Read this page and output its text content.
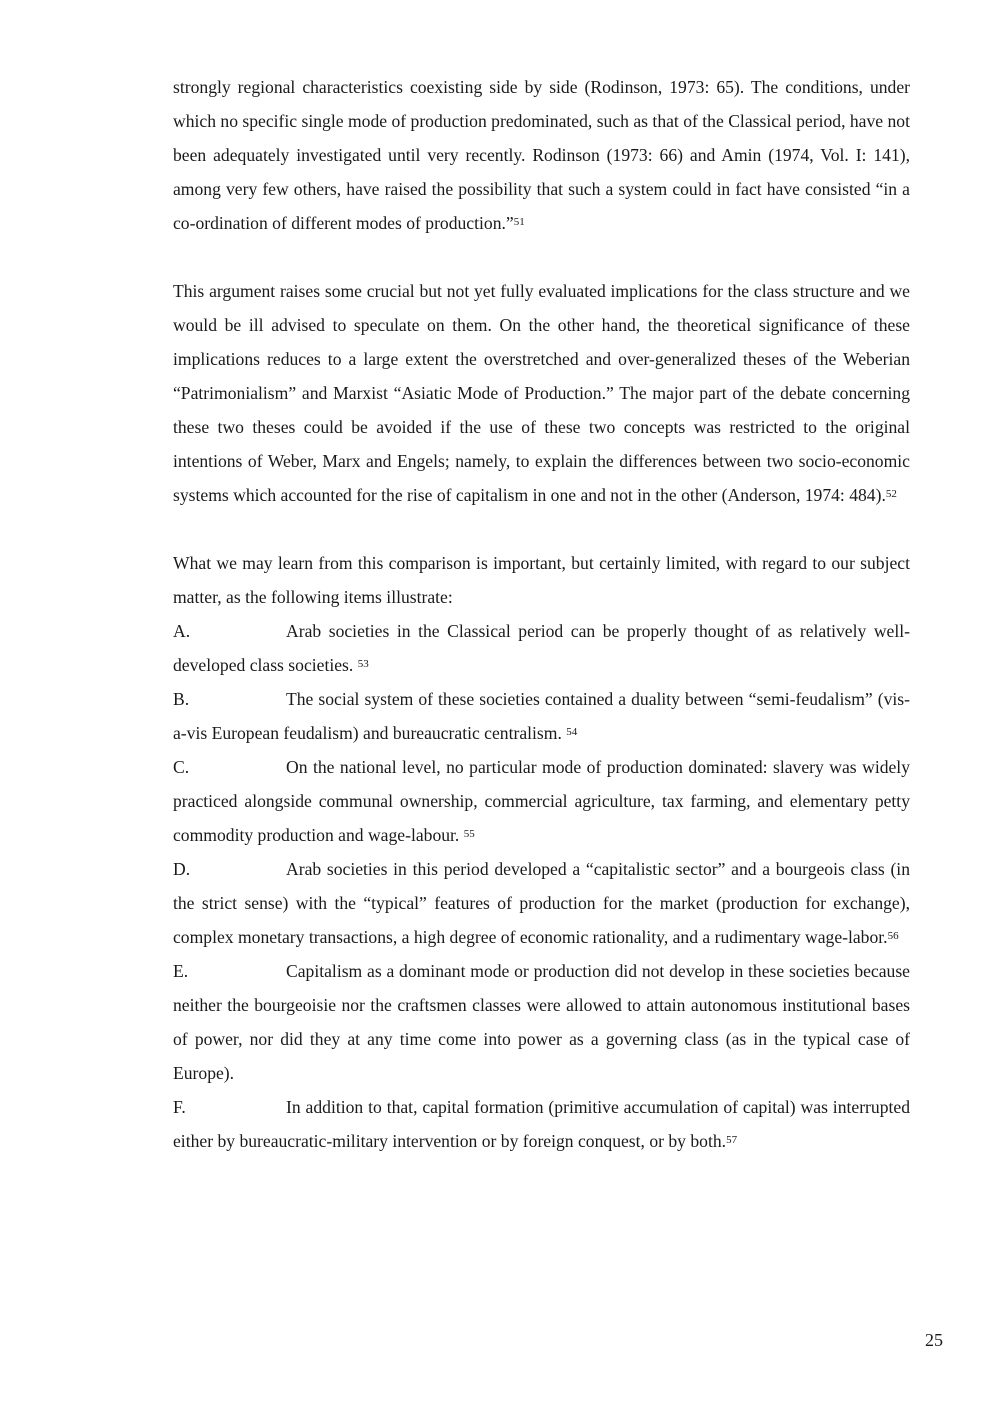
strongly regional characteristics coexisting side by side (Rodinson, 1973: 65). The conditions, under which no specific single mode of production predominated, such as that of the Classical period, have not been adequately investigated until very recently. Rodinson (1973: 66) and Amin (1974, Vol. I: 141), among very few others, have raised the possibility that such a system could in fact have consisted “in a co-ordination of different modes of production.”$^{51}$

This argument raises some crucial but not yet fully evaluated implications for the class structure and we would be ill advised to speculate on them. On the other hand, the theoretical significance of these implications reduces to a large extent the overstretched and over-generalized theses of the Weberian “Patrimonialism” and Marxist “Asiatic Mode of Production.” The major part of the debate concerning these two theses could be avoided if the use of these two concepts was restricted to the original intentions of Weber, Marx and Engels; namely, to explain the differences between two socio-economic systems which accounted for the rise of capitalism in one and not in the other (Anderson, 1974: 484).$^{52}$

What we may learn from this comparison is important, but certainly limited, with regard to our subject matter, as the following items illustrate:

A.	Arab societies in the Classical period can be properly thought of as relatively well-developed class societies. $^{53}$

B.	The social system of these societies contained a duality between “semi-feudalism” (vis-a-vis European feudalism) and bureaucratic centralism. $^{54}$

C.	On the national level, no particular mode of production dominated: slavery was widely practiced alongside communal ownership, commercial agriculture, tax farming, and elementary petty commodity production and wage-labour. $^{55}$

D.	Arab societies in this period developed a “capitalistic sector” and a bourgeois class (in the strict sense) with the “typical” features of production for the market (production for exchange), complex monetary transactions, a high degree of economic rationality, and a rudimentary wage-labor.$^{56}$

E.	Capitalism as a dominant mode or production did not develop in these societies because neither the bourgeoisie nor the craftsmen classes were allowed to attain autonomous institutional bases of power, nor did they at any time come into power as a governing class (as in the typical case of Europe).

F.	In addition to that, capital formation (primitive accumulation of capital) was interrupted either by bureaucratic-military intervention or by foreign conquest, or by both.$^{57}$

25
